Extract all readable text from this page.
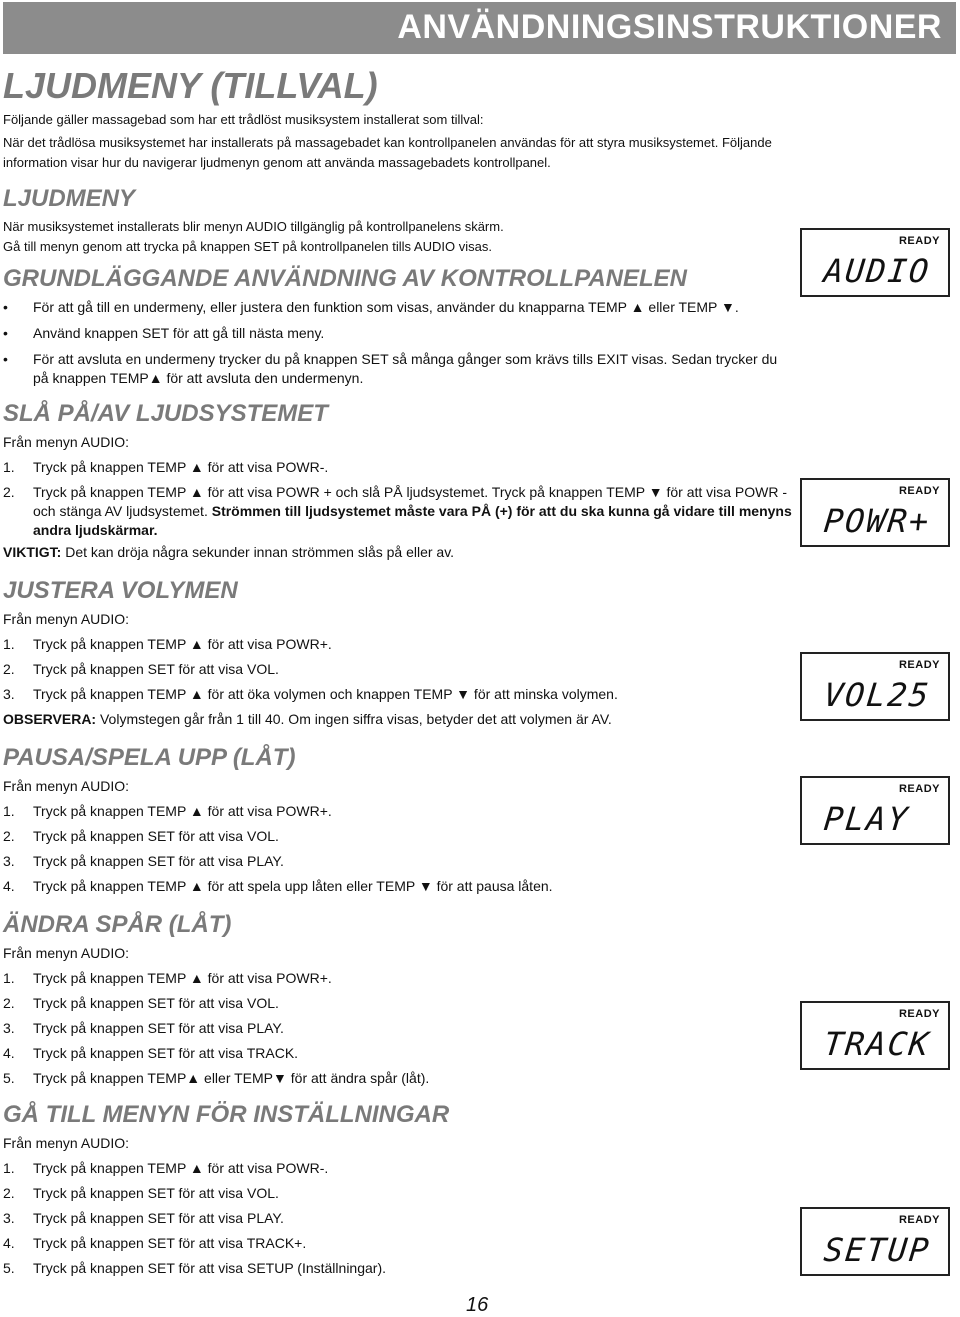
ANVÄNDNINGSINSTRUKTIONER
LJUDMENY (TILLVAL)

Följande gäller massagebad som har ett trådlöst musiksystem installerat som tillval:

När det trådlösa musiksystemet har installerats på massagebadet kan kontrollpanelen användas för att styra musiksystemet. Följande information visar hur du navigerar ljudmenyn genom att använda massagebadets kontrollpanel.

LJUDMENY

När musiksystemet installerats blir menyn AUDIO tillgänglig på kontrollpanelens skärm.

Gå till menyn genom att trycka på knappen SET på kontrollpanelen tills AUDIO visas.

GRUNDLÄGGANDE ANVÄNDNING AV KONTROLLPANELEN
• För att gå till en undermeny, eller justera den funktion som visas, använder du knapparna TEMP ▲ eller TEMP ▼.
• Använd knappen SET för att gå till nästa meny.
• För att avsluta en undermeny trycker du på knappen SET så många gånger som krävs tills EXIT visas. Sedan trycker du på knappen TEMP▲ för att avsluta den undermenyn.
SLÅ PÅ/AV LJUDSYSTEMET

Från menyn AUDIO:

1.	Tryck på knappen TEMP ▲ för att visa POWR-.
2.	Tryck på knappen TEMP ▲ för att visa POWR + och slå PÅ ljudsystemet. Tryck på knappen TEMP ▼ för att visa POWR - och stänga AV ljudsystemet. Strömmen till ljudsystemet måste vara PÅ (+) för att du ska kunna gå vidare till menyns andra ljudskärmar.

VIKTIGT: Det kan dröja några sekunder innan strömmen slås på eller av.

JUSTERA VOLYMEN

Från menyn AUDIO:

1.	Tryck på knappen TEMP ▲ för att visa POWR+.
2.	Tryck på knappen SET för att visa VOL.
3.	Tryck på knappen TEMP ▲ för att öka volymen och knappen TEMP ▼ för att minska volymen.

OBSERVERA: Volymstegen går från 1 till 40. Om ingen siffra visas, betyder det att volymen är AV.

PAUSA/SPELA UPP (LÅT)

Från menyn AUDIO:

1.	Tryck på knappen TEMP ▲ för att visa POWR+.
2.	Tryck på knappen SET för att visa VOL.
3.	Tryck på knappen SET för att visa PLAY.
4.	Tryck på knappen TEMP ▲ för att spela upp låten eller TEMP ▼ för att pausa låten.
ÄNDRA SPÅR (LÅT)

Från menyn AUDIO:

1.	Tryck på knappen TEMP ▲ för att visa POWR+.
2.	Tryck på knappen SET för att visa VOL.
3.	Tryck på knappen SET för att visa PLAY.
4.	Tryck på knappen SET för att visa TRACK.
5.	Tryck på knappen TEMP▲ eller TEMP▼ för att ändra spår (låt).
GÅ TILL MENYN FÖR INSTÄLLNINGAR

Från menyn AUDIO:

1.	Tryck på knappen TEMP ▲ för att visa POWR-.
2.	Tryck på knappen SET för att visa VOL.
3.	Tryck på knappen SET för att visa PLAY.
4.	Tryck på knappen SET för att visa TRACK+.
5.	Tryck på knappen SET för att visa SETUP (Inställningar).
READY
AUDIO
READY
POWR+
READY
VOL25
READY
PLAY
READY
TRACK
READY
SETUP
16
